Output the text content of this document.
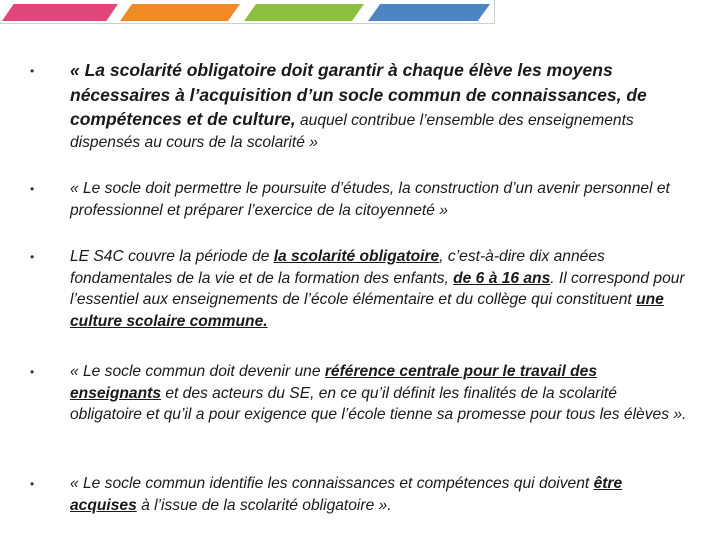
• « La scolarité obligatoire doit garantir à chaque élève les moyens nécessaires à l’acquisition d’un socle commun de connaissances, de compétences et de culture, auquel contribue l’ensemble des enseignements dispensés au cours de la scolarité »
• « Le socle doit permettre le poursuite d’études, la construction d’un avenir personnel et professionnel et préparer l’exercice de la citoyenneté »
• LE S4C couvre la période de la scolarité obligatoire, c’est-à-dire dix années fondamentales de la vie et de la formation des enfants, de 6 à 16 ans. Il correspond pour l’essentiel aux enseignements de l’école élémentaire et du collège qui constituent une culture scolaire commune.
• « Le socle commun doit devenir une référence centrale pour le travail des enseignants et des acteurs du SE, en ce qu’il définit les finalités de la scolarité obligatoire et qu’il a pour exigence que l’école tienne sa promesse pour tous les élèves ».
• « Le socle commun identifie les connaissances et compétences qui doivent être acquises à l’issue de la scolarité obligatoire ».
